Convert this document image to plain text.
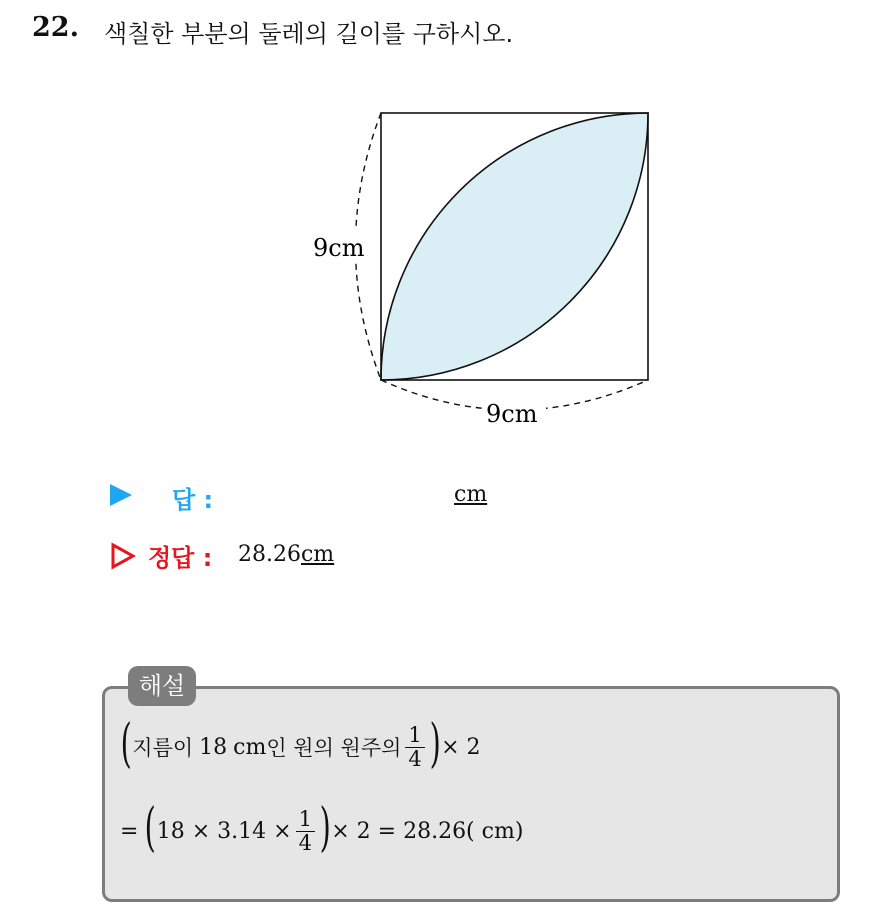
22. 색칠한 부분의 둘레의 길이를 구하시오.
9cm
9cm
답 :	cm
정답 : 28.26cm
해설
( 지름이 18 cm 인 원의 원주의 $\frac{1}{4}$ ) × 2
= ( $18 \times 3.14 \times \frac{1}{4}$ ) × 2 = 28.26( cm)
